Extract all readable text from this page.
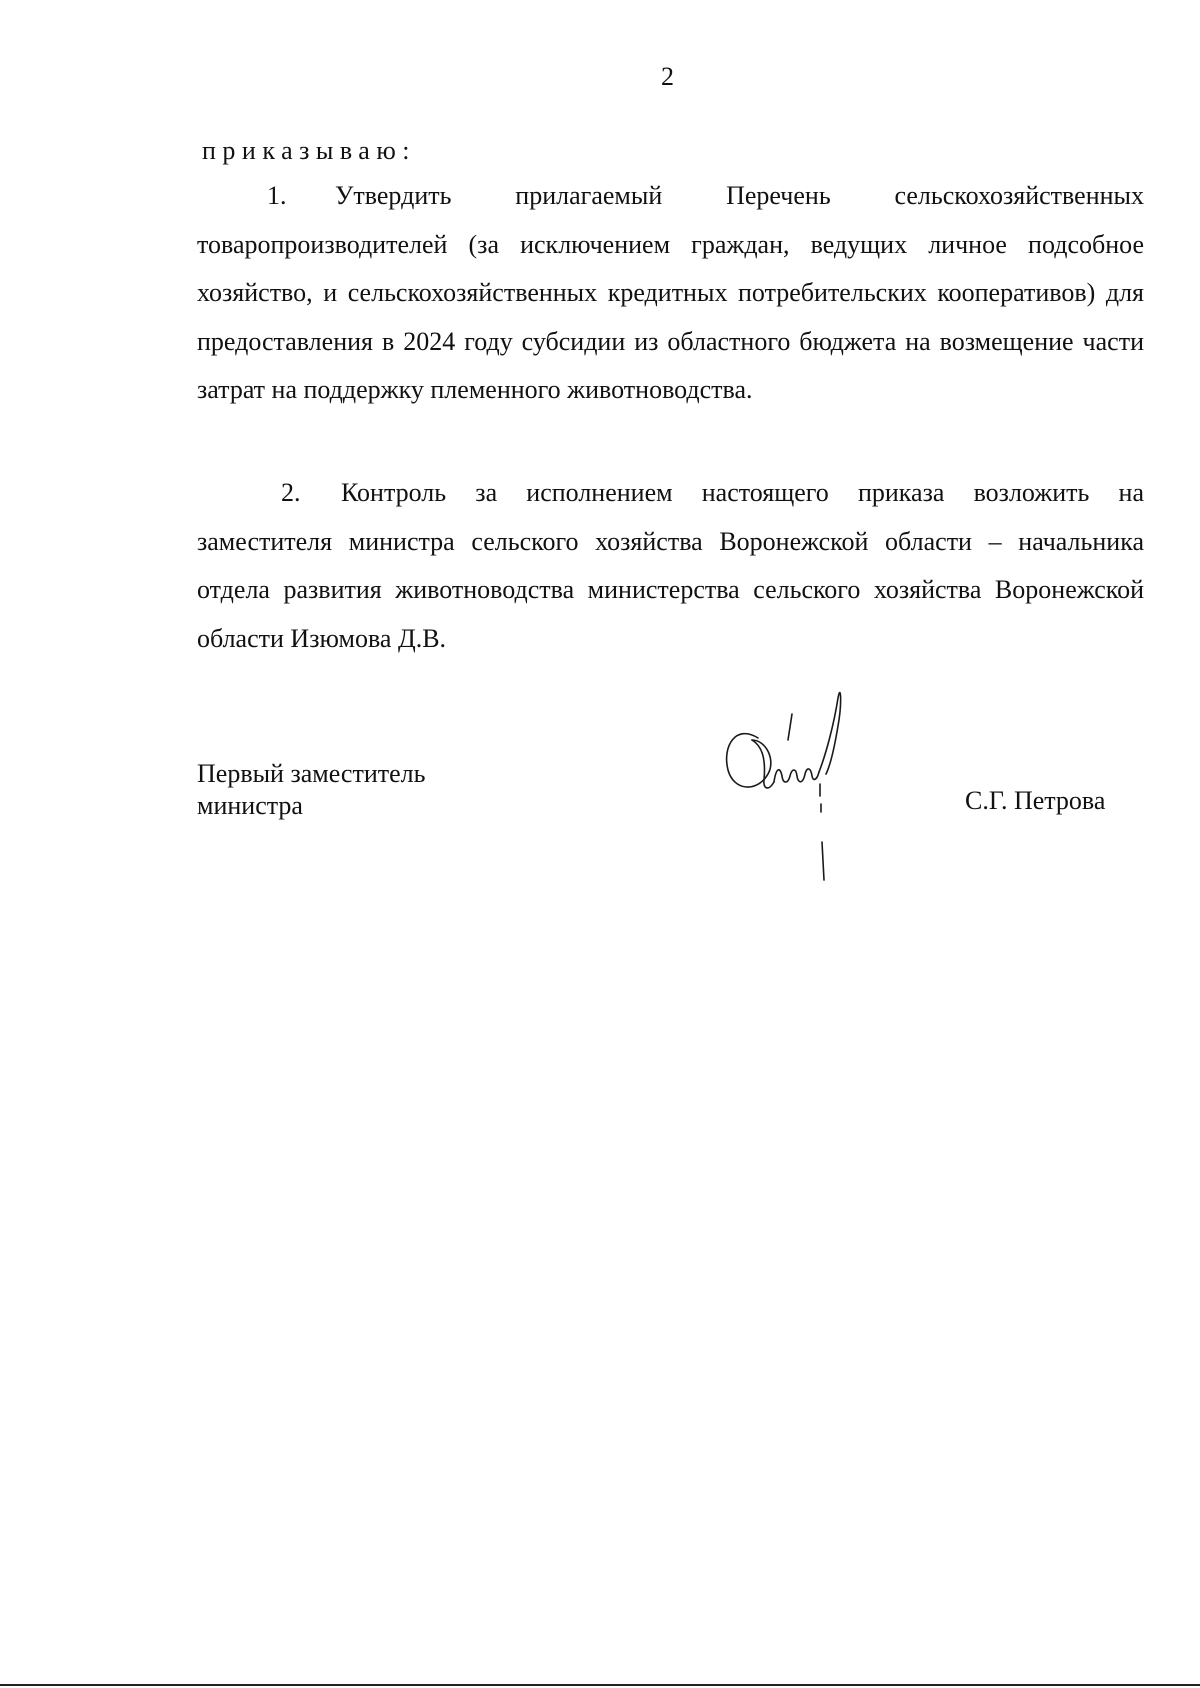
2
приказываю:
1. Утвердить прилагаемый Перечень сельскохозяйственных товаропроизводителей (за исключением граждан, ведущих личное подсобное хозяйство, и сельскохозяйственных кредитных потребительских кооперативов) для предоставления в 2024 году субсидии из областного бюджета на возмещение части затрат на поддержку племенного животноводства.
2. Контроль за исполнением настоящего приказа возложить на заместителя министра сельского хозяйства Воронежской области – начальника отдела развития животноводства министерства сельского хозяйства Воронежской области Изюмова Д.В.
Первый заместитель
министра	С.Г. Петрова
